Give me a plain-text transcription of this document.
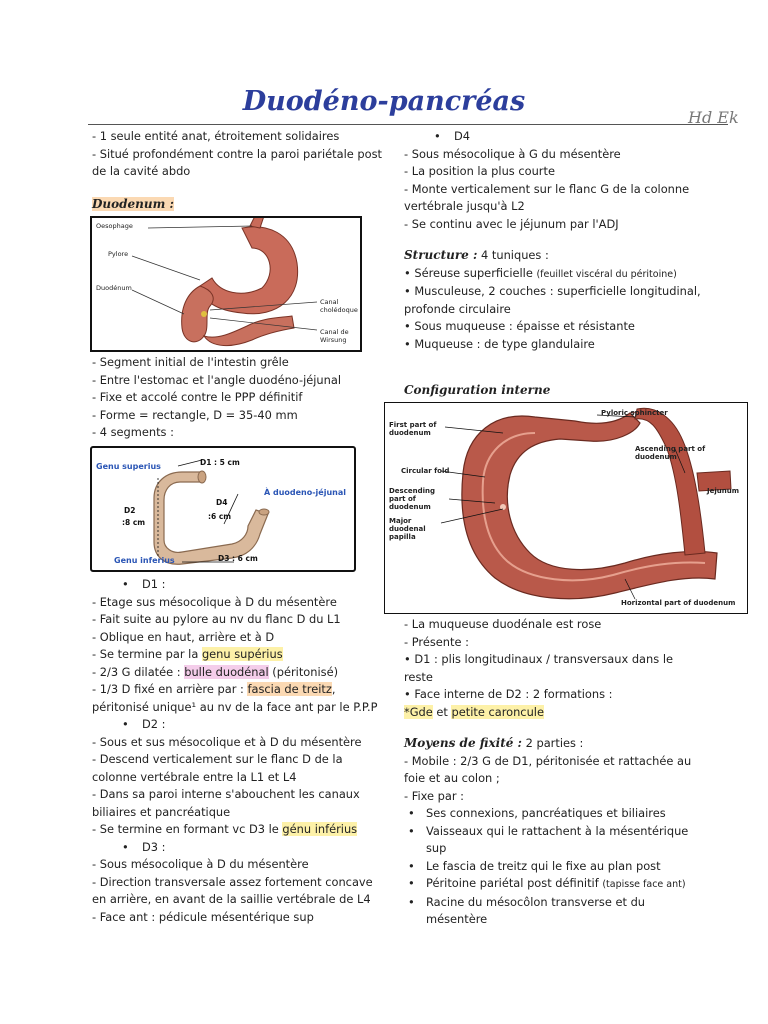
Duodéno-pancréas
Hd Ek

- 1 seule entité anat, étroitement solidaires

- Situé profondément contre la paroi pariétale post de la cavité abdo

Duodenum :
Oesophage
Pylore
Duodénum
Canal cholédoque
Canal de Wirsung

- Segment initial de l'intestin grêle

- Entre l'estomac et l'angle duodéno-jéjunal

- Fixe et accolé contre le PPP définitif

- Forme = rectangle, D = 35-40 mm

- 4 segments :

Genu superius	D1 : 5 cm
À duodeno-jéjunal
D2
:8 cm
D4
:6 cm
Genu inferius	D3 : 6 cm

• D1 :

- Etage sus mésocolique à D du mésentère

- Fait suite au pylore au nv du flanc D du L1

- Oblique en haut, arrière et à D

- Se termine par la genu supérius

- 2/3 G dilatée : bulle duodénal (péritonisé)

- 1/3 D fixé en arrière par : fascia de treitz, péritonisé unique¹ au nv de la face ant par le P.P.P

• D2 :

- Sous et sus mésocolique et à D du mésentère

- Descend verticalement sur le flanc D de la colonne vertébrale entre la L1 et L4

- Dans sa paroi interne s'abouchent les canaux biliaires et pancréatique

- Se termine en formant vc D3 le génu inférius

• D3 :

- Sous mésocolique à D du mésentère

- Direction transversale assez fortement concave en arrière, en avant de la saillie vertébrale de L4

- Face ant : pédicule mésentérique sup

• D4

- Sous mésocolique à G du mésentère

- La position la plus courte

- Monte verticalement sur le flanc G de la colonne vertébrale jusqu'à L2

- Se continu avec le jéjunum par l'ADJ

Structure : 4 tuniques :

• Séreuse superficielle (feuillet viscéral du péritoine)

• Musculeuse, 2 couches : superficielle longitudinal, profonde circulaire

• Sous muqueuse : épaisse et résistante

• Muqueuse : de type glandulaire

Configuration interne
First part of duodenum
Pyloric sphincter
Ascending part of duodenum
Circular fold
Descending part of duodenum
Jejunum
Major duodenal papilla
Horizontal part of duodenum

- La muqueuse duodénale est rose

- Présente :

• D1 : plis longitudinaux / transversaux dans le reste

• Face interne de D2 : 2 formations :

*Gde et petite caroncule

Moyens de fixité : 2 parties :

- Mobile : 2/3 G de D1, péritonisée et rattachée au foie et au colon ;

- Fixe par :

• Ses connexions, pancréatiques et biliaires

• Vaisseaux qui le rattachent à la mésentérique sup

• Le fascia de treitz qui le fixe au plan post

• Péritoine pariétal post définitif (tapisse face ant)

• Racine du mésocôlon transverse et du mésentère
